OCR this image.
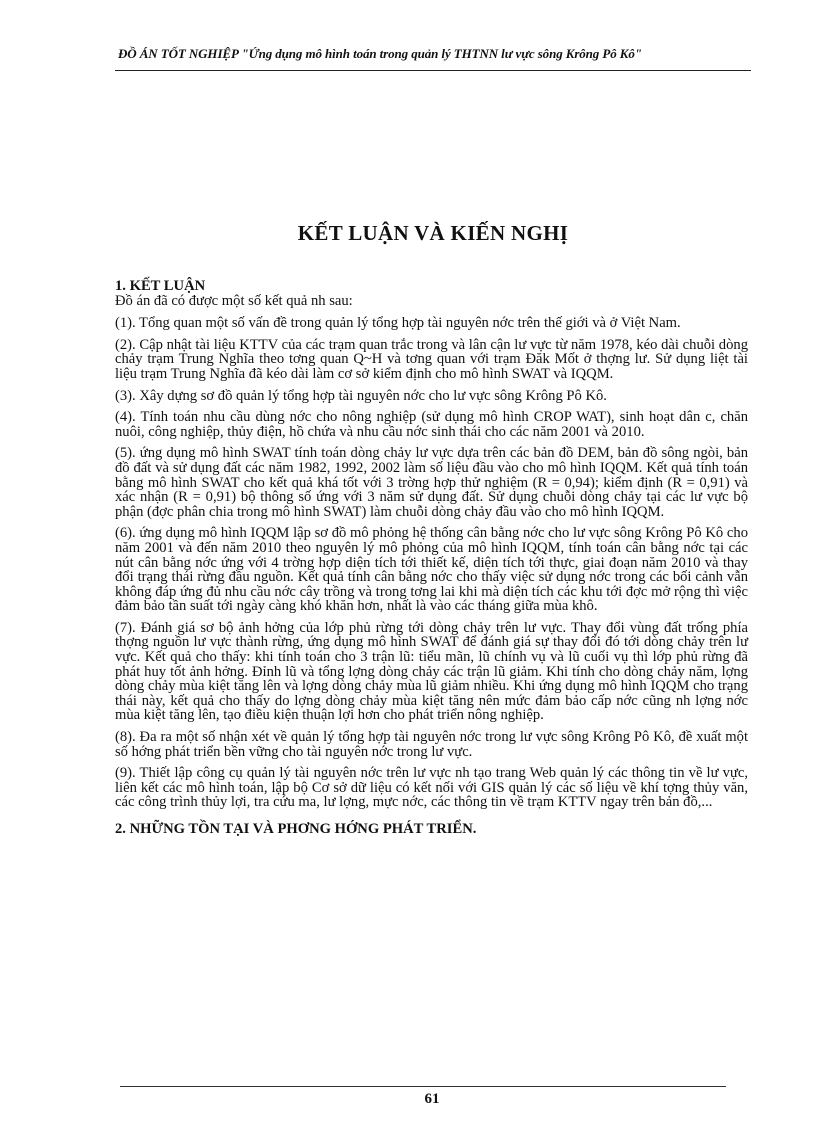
ĐỒ ÁN TỐT NGHIỆP "Ứng dụng mô hình toán trong quản lý THTNN lư vực sông Krông Pô Kô"
KẾT LUẬN VÀ KIẾN NGHỊ

1. KẾT LUẬN

Đồ án đã có được một số kết quả nh sau:

(1). Tổng quan một số vấn đề trong quản lý tổng hợp tài nguyên nớc trên thế giới và ở Việt Nam.

(2). Cập nhật tài liệu KTTV của các trạm quan trắc trong và lân cận lư vực từ năm 1978, kéo dài chuỗi dòng chảy trạm Trung Nghĩa theo tơng quan Q~H và tơng quan với trạm Đăk Mốt ở thợng lư. Sử dụng liệt tài liệu trạm Trung Nghĩa đã kéo dài làm cơ sở kiểm định cho mô hình SWAT và IQQM.

(3). Xây dựng sơ đồ quản lý tổng hợp tài nguyên nớc cho lư vực sông Krông Pô Kô.

(4). Tính toán nhu cầu dùng nớc cho nông nghiệp (sử dụng mô hình CROP WAT), sinh hoạt dân c, chăn nuôi, công nghiệp, thủy điện, hồ chứa và nhu cầu nớc sinh thái cho các năm 2001 và 2010.

(5). ứng dụng mô hình SWAT tính toán dòng chảy lư vực dựa trên các bản đồ DEM, bản đồ sông ngòi, bản đồ đất và sử dụng đất các năm 1982, 1992, 2002 làm số liệu đầu vào cho mô hình IQQM. Kết quả tính toán bằng mô hình SWAT cho kết quả khá tốt với 3 trờng hợp thử nghiệm (R = 0,94); kiểm định (R = 0,91) và xác nhận (R = 0,91) bộ thông số ứng với 3 năm sử dụng đất. Sử dụng chuỗi dòng chảy tại các lư vực bộ phận (đợc phân chia trong mô hình SWAT) làm chuỗi dòng chảy đầu vào cho mô hình IQQM.

(6). ứng dụng mô hình IQQM lập sơ đồ mô phỏng hệ thống cân bằng nớc cho lư vực sông Krông Pô Kô cho năm 2001 và đến năm 2010 theo nguyên lý mô phỏng của mô hình IQQM, tính toán cân bằng nớc tại các nút cân bằng nớc ứng với 4 trờng hợp diện tích tới thiết kế, diện tích tới thực, giai đoạn năm 2010 và thay đổi trạng thái rừng đầu nguồn. Kết quả tính cân bằng nớc cho thấy việc sử dụng nớc trong các bối cảnh vẫn không đáp ứng đủ nhu cầu nớc cây trồng và trong tơng lai khi mà diện tích các khu tới đợc mở rộng thì việc đảm bảo tần suất tới ngày càng khó khăn hơn, nhất là vào các tháng giữa mùa khô.

(7). Đánh giá sơ bộ ảnh hởng của lớp phủ rừng tới dòng chảy trên lư vực. Thay đổi vùng đất trống phía thợng nguồn lư vực thành rừng, ứng dụng mô hình SWAT để đánh giá sự thay đổi đó tới dòng chảy trên lư vực. Kết quả cho thấy: khi tính toán cho 3 trận lũ: tiểu mãn, lũ chính vụ và lũ cuối vụ thì lớp phủ rừng đã phát huy tốt ảnh hởng. Đỉnh lũ và tổng lợng dòng chảy các trận lũ giảm. Khi tính cho dòng chảy năm, lợng dòng chảy mùa kiệt tăng lên và lợng dòng chảy mùa lũ giảm nhiều. Khi ứng dụng mô hình IQQM cho trạng thái này, kết quả cho thấy do lợng dòng chảy mùa kiệt tăng nên mức đảm bảo cấp nớc cũng nh lợng nớc mùa kiệt tăng lên, tạo điều kiện thuận lợi hơn cho phát triển nông nghiệp.

(8). Đa ra một số nhận xét về quản lý tổng hợp tài nguyên nớc trong lư vực sông Krông Pô Kô, đề xuất một số hớng phát triển bền vững cho tài nguyên nớc trong lư vực.

(9). Thiết lập công cụ quản lý tài nguyên nớc trên lư vực nh tạo trang Web quản lý các thông tin về lư vực, liên kết các mô hình toán, lập bộ Cơ sở dữ liệu có kết nối với GIS quản lý các số liệu về khí tợng thủy văn, các công trình thủy lợi, tra cứu ma, lư lợng, mực nớc, các thông tin về trạm KTTV ngay trên bản đồ,...

2. NHỮNG TỒN TẠI VÀ PHƠNG HỚNG PHÁT TRIỂN.

61
